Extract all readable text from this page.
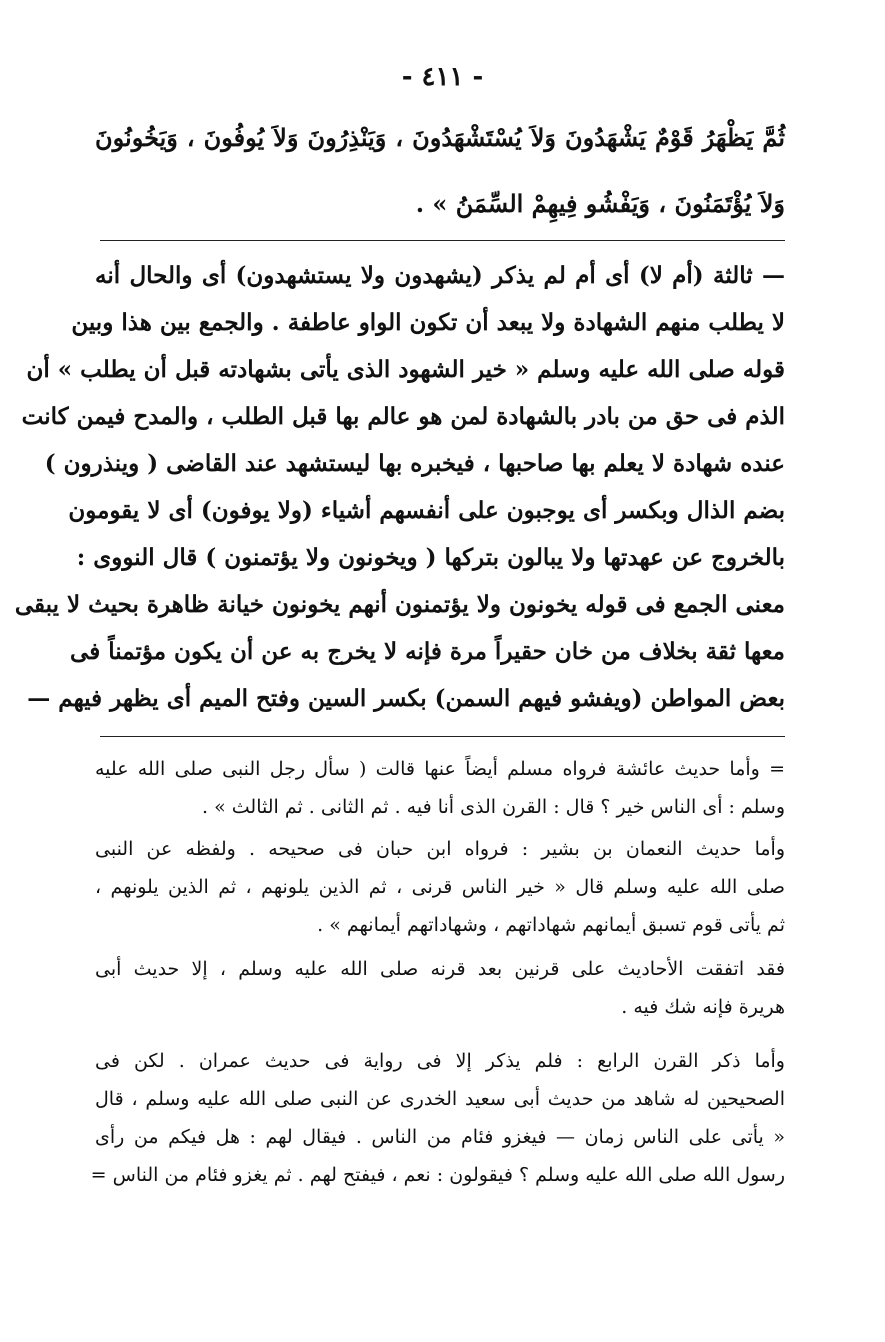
- ٤١١ -
ثُمَّ يَظْهَرُ قَوْمٌ يَشْهَدُونَ وَلاَ يُسْتَشْهَدُونَ ، وَيَنْذِرُونَ وَلاَ يُوفُونَ ، وَيَخُونُونَ
وَلاَ يُؤْتَمَنُونَ ، وَيَفْشُو فِيهِمْ السِّمَنُ » .
— ثالثة (أم لا) أى أم لم يذكر (يشهدون ولا يستشهدون) أى والحال أنه
لا يطلب منهم الشهادة ولا يبعد أن تكون الواو عاطفة . والجمع بين هذا وبين
قوله صلى الله عليه وسلم « خير الشهود الذى يأتى بشهادته قبل أن يطلب » أن
الذم فى حق من بادر بالشهادة لمن هو عالم بها قبل الطلب ، والمدح فيمن كانت
عنده شهادة لا يعلم بها صاحبها ، فيخبره بها ليستشهد عند القاضى ( وينذرون )
بضم الذال وبكسر أى يوجبون على أنفسهم أشياء (ولا يوفون) أى لا يقومون
بالخروج عن عهدتها ولا يبالون بتركها ( ويخونون ولا يؤتمنون ) قال النووى :
معنى الجمع فى قوله يخونون ولا يؤتمنون أنهم يخونون خيانة ظاهرة بحيث لا يبقى
معها ثقة بخلاف من خان حقيراً مرة فإنه لا يخرج به عن أن يكون مؤتمناً فى
بعض المواطن (ويفشو فيهم السمن) بكسر السين وفتح الميم أى يظهر فيهم —
= وأما حديث عائشة فرواه مسلم أيضاً عنها قالت ( سأل رجل النبى صلى الله عليه
وسلم : أى الناس خير ؟ قال : القرن الذى أنا فيه . ثم الثانى . ثم الثالث » .
وأما حديث النعمان بن بشير : فرواه ابن حبان فى صحيحه . ولفظه عن النبى
صلى الله عليه وسلم قال « خير الناس قرنى ، ثم الذين يلونهم ، ثم الذين يلونهم ،
ثم يأتى قوم تسبق أيمانهم شهاداتهم ، وشهاداتهم أيمانهم » .
فقد اتفقت الأحاديث على قرنين بعد قرنه صلى الله عليه وسلم ، إلا حديث أبى
هريرة فإنه شك فيه .
وأما ذكر القرن الرابع : فلم يذكر إلا فى رواية فى حديث عمران . لكن فى
الصحيحين له شاهد من حديث أبى سعيد الخدرى عن النبى صلى الله عليه وسلم ، قال
« يأتى على الناس زمان — فيغزو فئام من الناس . فيقال لهم : هل فيكم من رأى
رسول الله صلى الله عليه وسلم ؟ فيقولون : نعم ، فيفتح لهم . ثم يغزو فئام من الناس =
